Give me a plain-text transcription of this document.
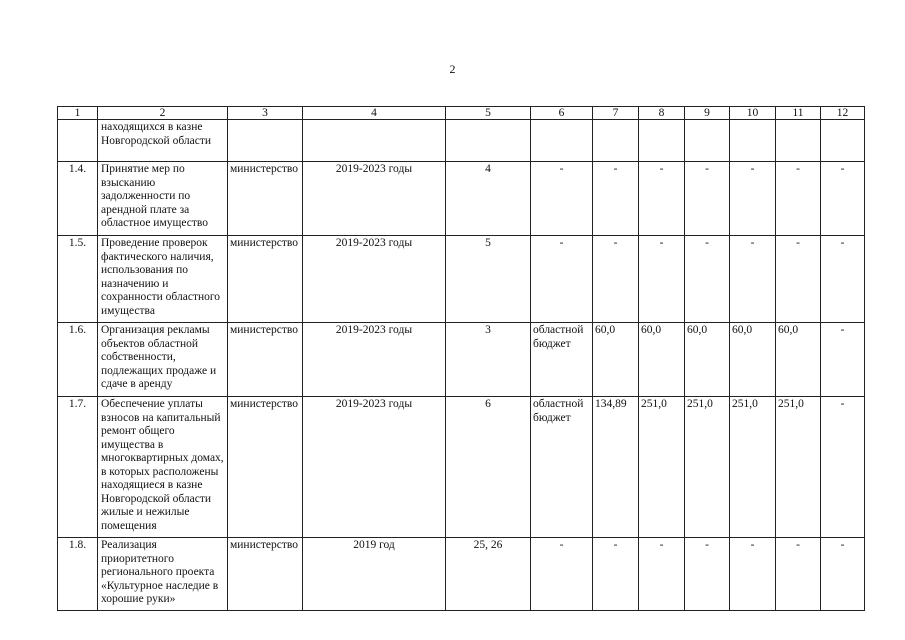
2
1	2	3	4	5	6	7	8	9	10	11	12
	находящихся в казне Новгородской области										
1.4.	Принятие мер по взысканию задолженности по арендной плате за областное имущество	министерство	2019-2023 годы	4	-	-	-	-	-	-	-
1.5.	Проведение проверок фактического наличия, использования по назначению и сохранности областного имущества	министерство	2019-2023 годы	5	-	-	-	-	-	-	-
1.6.	Организация рекламы объектов областной собственности, подлежащих продаже и сдаче в аренду	министерство	2019-2023 годы	3	областной бюджет	60,0	60,0	60,0	60,0	60,0	-
1.7.	Обеспечение уплаты взносов на капитальный ремонт общего имущества в многоквартирных домах, в которых расположены находящиеся в казне Новгородской области жилые и нежилые помещения	министерство	2019-2023 годы	6	областной бюджет	134,89	251,0	251,0	251,0	251,0	-
1.8.	Реализация приоритетного регионального проекта «Культурное наследие в хорошие руки»	министерство	2019 год	25, 26	-	-	-	-	-	-	-
